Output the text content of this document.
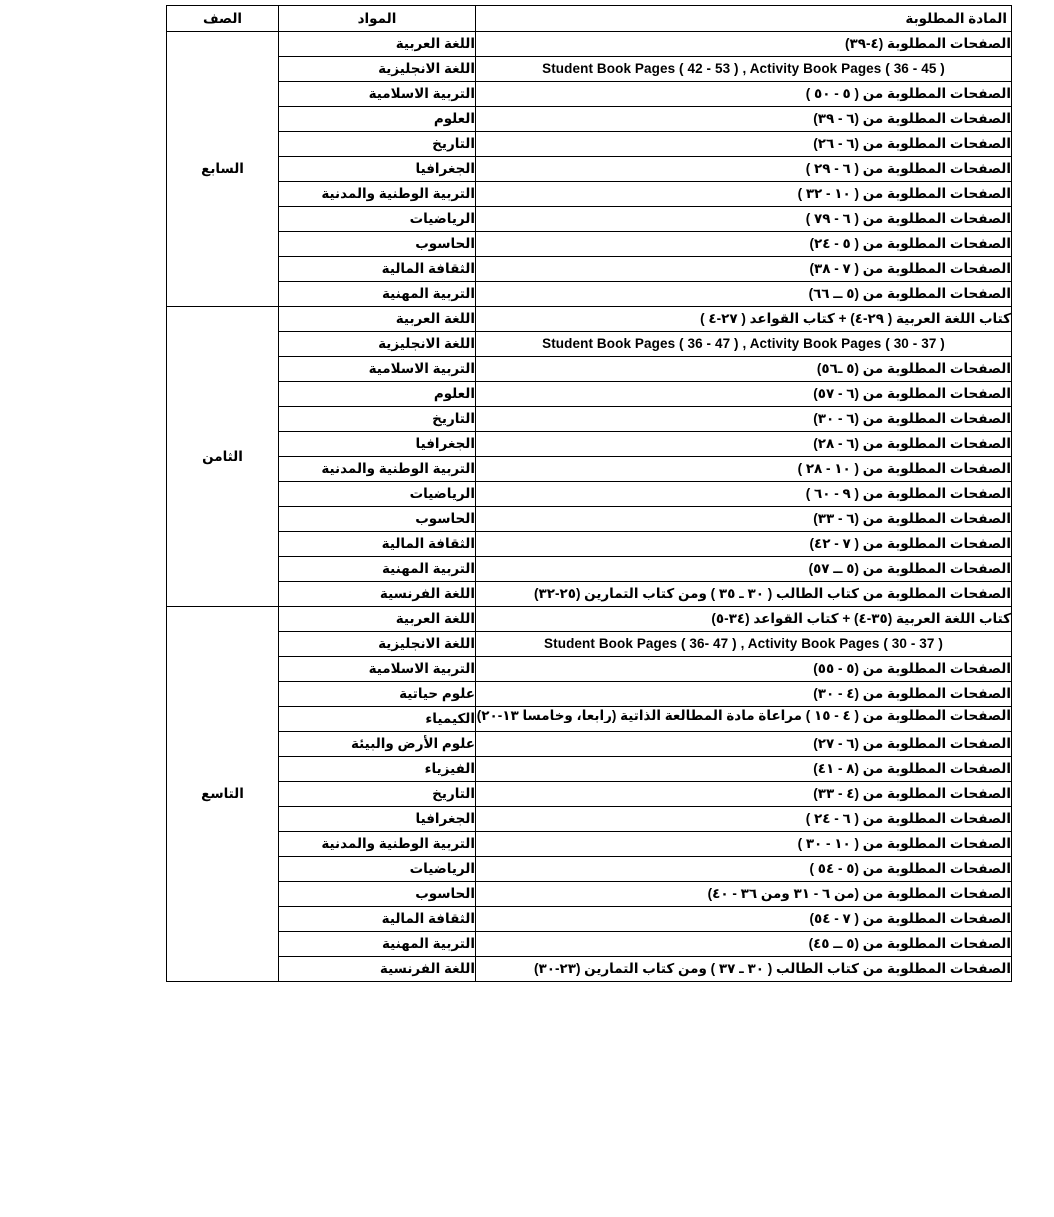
المادة المطلوبة	المواد	الصف
الصفحات المطلوبة (٤-٣٩)	اللغة العربية	السابع
Student Book Pages ( 42 - 53 ) , Activity Book Pages ( 36 - 45 )	اللغة الانجليزية	
الصفحات المطلوبة من ( ٥ - ٥٠ )	التربية الاسلامية	
الصفحات المطلوبة من (٦ - ٣٩)	العلوم	
الصفحات المطلوبة من (٦ - ٢٦)	التاريخ	
الصفحات المطلوبة من ( ٦ - ٢٩ )	الجغرافيا	
الصفحات المطلوبة من ( ١٠ - ٣٢ )	التربية الوطنية والمدنية	
الصفحات المطلوبة من ( ٦ - ٧٩ )	الرياضيات	
الصفحات المطلوبة من ( ٥ - ٢٤)	الحاسوب	
الصفحات المطلوبة من ( ٧ - ٣٨)	الثقافة المالية	
الصفحات المطلوبة من (٥ ــ ٦٦)	التربية المهنية	
كتاب اللغة العربية ( ٢٩-٤) + كتاب القواعد ( ٢٧-٤ )	اللغة العربية	الثامن
Student Book Pages ( 36 - 47 ) , Activity Book Pages ( 30 - 37 )	اللغة الانجليزية	
الصفحات المطلوبة من (٥ ـ٥٦)	التربية الاسلامية	
الصفحات المطلوبة من (٦ - ٥٧)	العلوم	
الصفحات المطلوبة من (٦ - ٣٠)	التاريخ	
الصفحات المطلوبة من (٦ - ٢٨)	الجغرافيا	
الصفحات المطلوبة من ( ١٠ - ٢٨ )	التربية الوطنية والمدنية	
الصفحات المطلوبة من ( ٩ - ٦٠ )	الرياضيات	
الصفحات المطلوبة من (٦ - ٣٣)	الحاسوب	
الصفحات المطلوبة من ( ٧ - ٤٢)	الثقافة المالية	
الصفحات المطلوبة من (٥ ــ ٥٧)	التربية المهنية	
الصفحات المطلوبة من كتاب الطالب ( ٣٠ ـ ٣٥ ) ومن كتاب التمارين (٢٥-٣٢)	اللغة الفرنسية	
كتاب اللغة العربية (٣٥-٤) + كتاب القواعد (٣٤-٥)	اللغة العربية	التاسع
Student Book Pages ( 36- 47 ) , Activity Book Pages ( 30 - 37 )	اللغة الانجليزية	
الصفحات المطلوبة من (٥ - ٥٥)	التربية الاسلامية	
الصفحات المطلوبة من (٤ - ٣٠)	علوم حياتية	

الصفحات المطلوبة من ( ٤ - ١٥ ) مراعاة مادة المطالعة الذاتية (رابعا، وخامسا ١٣-٢٠)	الكيمياء	
الصفحات المطلوبة من (٦ - ٢٧)	علوم الأرض والبيئة	
الصفحات المطلوبة من (٨ - ٤١)	الفيزياء	
الصفحات المطلوبة من (٤ - ٣٣)	التاريخ	
الصفحات المطلوبة من ( ٦ - ٢٤ )	الجغرافيا	
الصفحات المطلوبة من ( ١٠ - ٣٠ )	التربية الوطنية والمدنية	
الصفحات المطلوبة من (٥ - ٥٤ )	الرياضيات	
الصفحات المطلوبة من (من ٦ - ٣١ ومن ٣٦ - ٤٠)	الحاسوب	
الصفحات المطلوبة من ( ٧ - ٥٤)	الثقافة المالية	
الصفحات المطلوبة من (٥ ــ ٤٥)	التربية المهنية	
الصفحات المطلوبة من كتاب الطالب ( ٣٠ ـ ٣٧ ) ومن كتاب التمارين (٢٣-٣٠)	اللغة الفرنسية	
